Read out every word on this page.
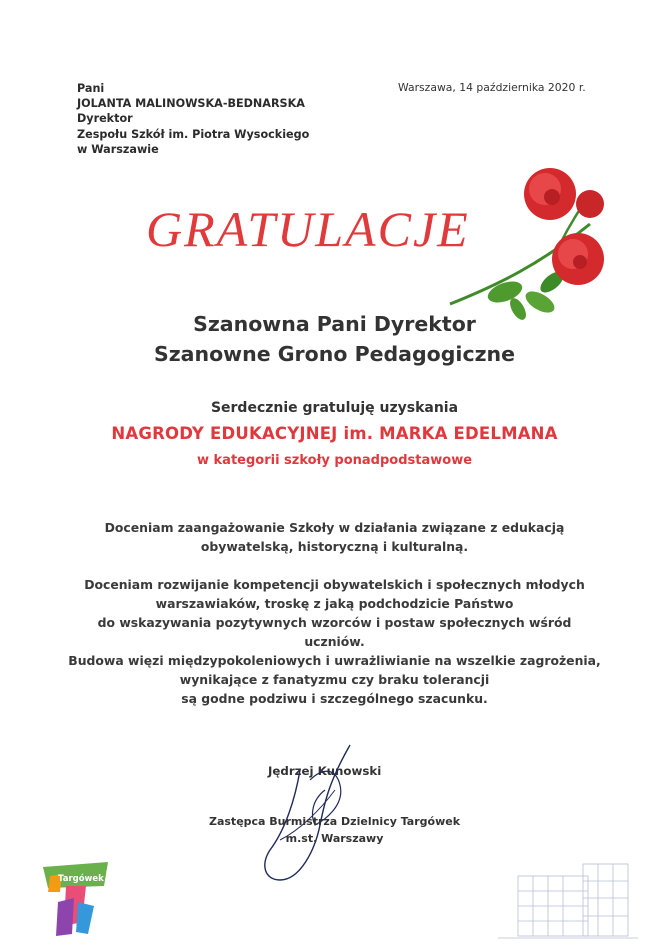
Pani
JOLANTA MALINOWSKA-BEDNARSKA
Dyrektor
Zespołu Szkół im. Piotra Wysockiego
w Warszawie
Warszawa, 14 października 2020 r.
GRATULACJE
Szanowna Pani Dyrektor
Szanowne Grono Pedagogiczne
Serdecznie gratuluję uzyskania
NAGRODY EDUKACYJNEJ im. MARKA EDELMANA
w kategorii szkoły ponadpodstawowe
Doceniam zaangażowanie Szkoły w działania związane z edukacją
obywatelską, historyczną i kulturalną.
Doceniam rozwijanie kompetencji obywatelskich i społecznych młodych
warszawiaków, troskę z jaką podchodzicie Państwo
do wskazywania pozytywnych wzorców i postaw społecznych wśród
uczniów.
Budowa więzi międzypokoleniowych i uwrażliwianie na wszelkie zagrożenia,
wynikające z fanatyzmu czy braku tolerancji
są godne podziwu i szczególnego szacunku.
Jędrzej Kunowski
Zastępca Burmistrza Dzielnicy Targówek
m.st. Warszawy
Targówek
